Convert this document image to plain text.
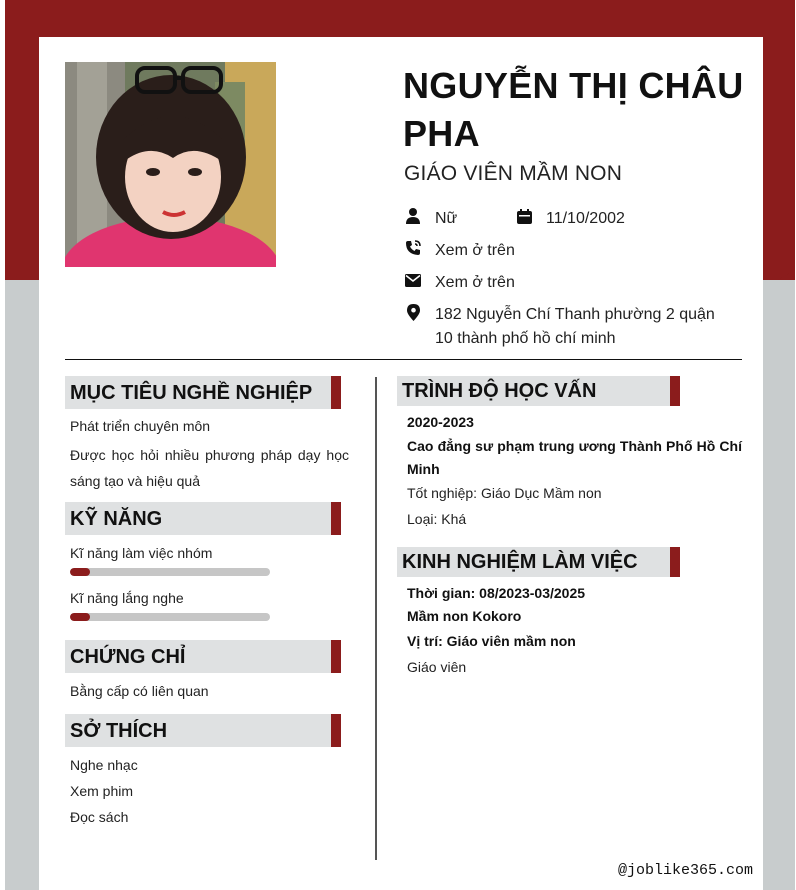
NGUYỄN THỊ CHÂU PHA
GIÁO VIÊN MẦM NON
Nữ	11/10/2002
Xem ở trên
Xem ở trên
182 Nguyễn Chí Thanh phường 2 quận 10 thành phố hồ chí minh
MỤC TIÊU NGHỀ NGHIỆP
Phát triển chuyên môn
Được học hỏi nhiều phương pháp dạy học sáng tạo và hiệu quả
KỸ NĂNG
Kĩ năng làm việc nhóm
Kĩ năng lắng nghe
CHỨNG CHỈ
Bằng cấp có liên quan
SỞ THÍCH
Nghe nhạc
Xem phim
Đọc sách
TRÌNH ĐỘ HỌC VẤN
2020-2023
Cao đẳng sư phạm trung ương Thành Phố Hồ Chí Minh
Tốt nghiệp: Giáo Dục Mầm non
Loại: Khá
KINH NGHIỆM LÀM VIỆC
Thời gian: 08/2023-03/2025
Mầm non Kokoro
Vị trí: Giáo viên mầm non
Giáo viên
@joblike365.com
